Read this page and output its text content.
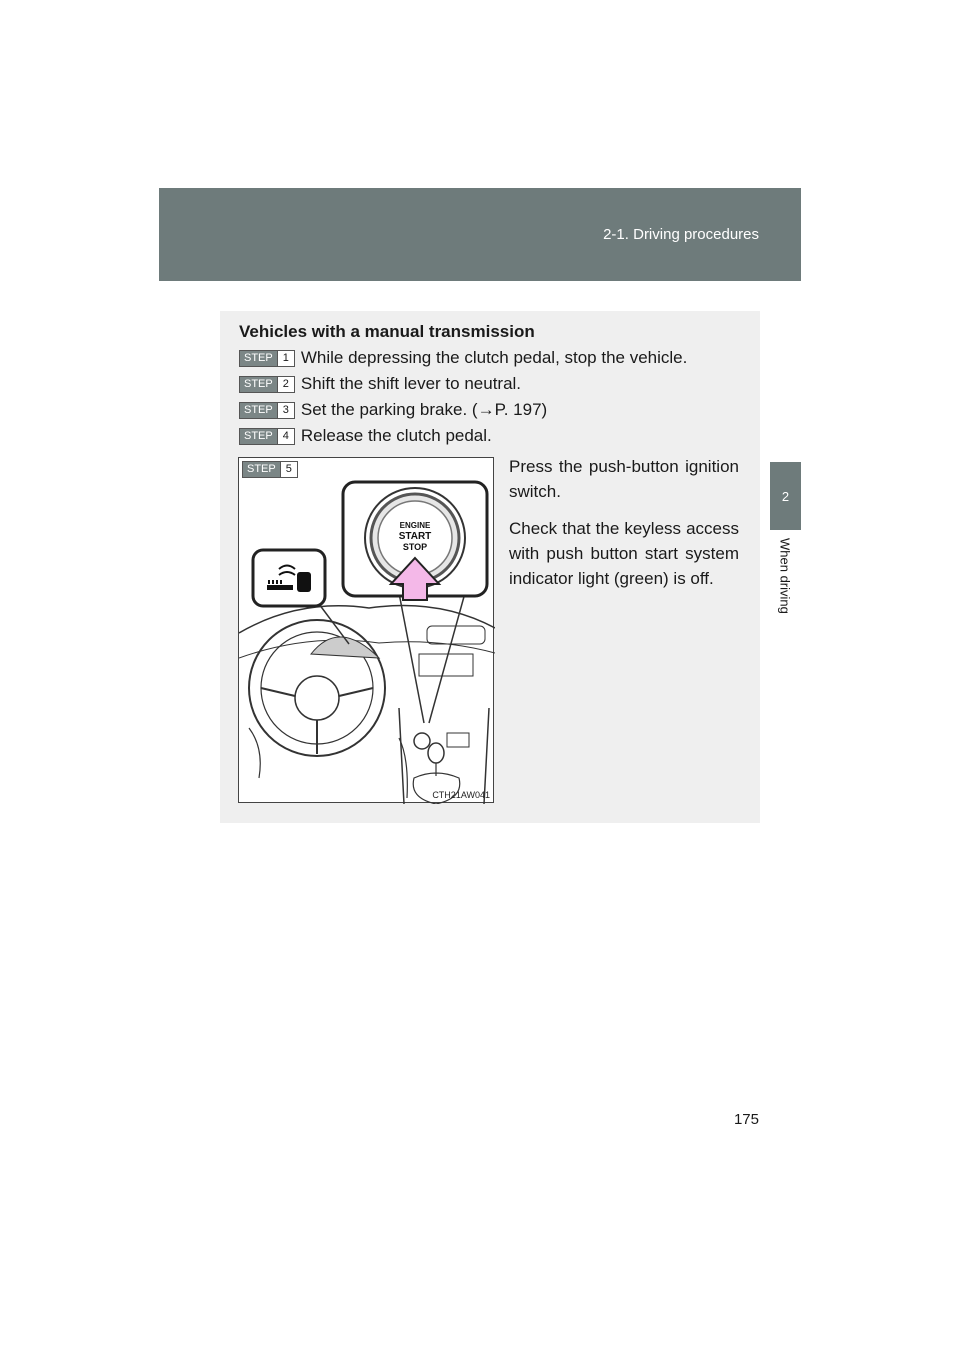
2-1. Driving procedures
2
When driving
Vehicles with a manual transmission
STEP 1 While depressing the clutch pedal, stop the vehicle.
STEP 2 Shift the shift lever to neutral.
STEP 3 Set the parking brake. (→P. 197)
STEP 4 Release the clutch pedal.
ENGINE
START
STOP
STEP 5
CTH21AW041

Press the push-button ignition switch.

Check that the keyless access with push button start system indicator light (green) is off.

175
